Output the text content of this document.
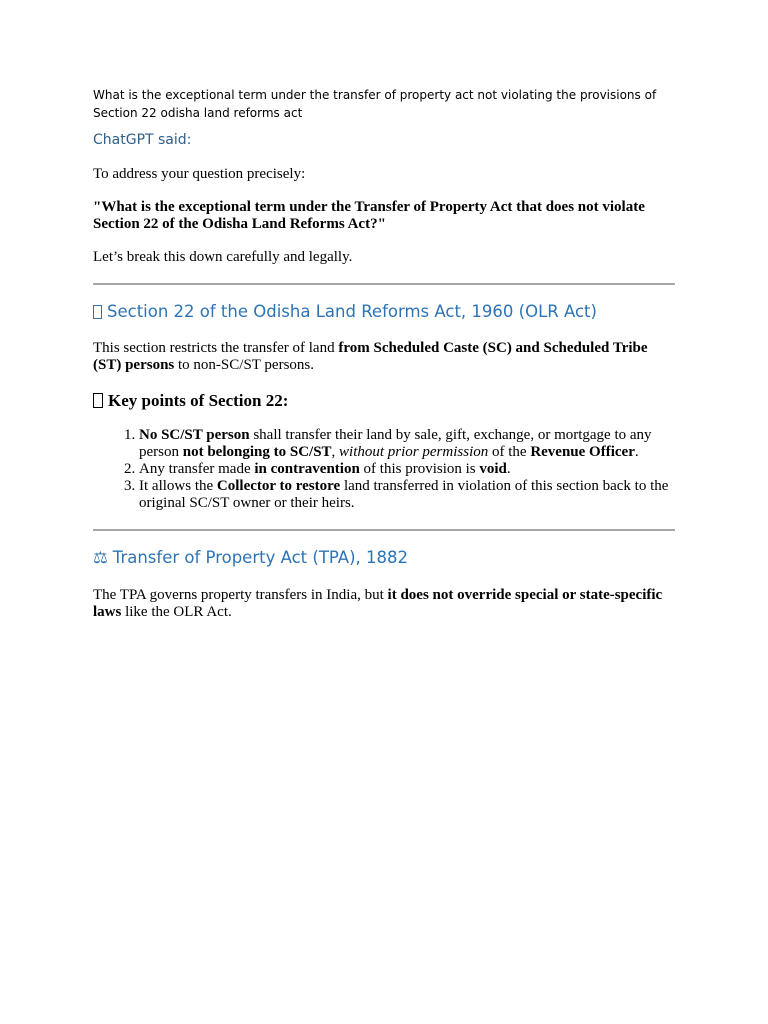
What is the exceptional term under the transfer of property act not violating the provisions of Section 22 odisha land reforms act

ChatGPT said:

To address your question precisely:

"What is the exceptional term under the Transfer of Property Act that does not violate Section 22 of the Odisha Land Reforms Act?"

Let’s break this down carefully and legally.

Section 22 of the Odisha Land Reforms Act, 1960 (OLR Act)

This section restricts the transfer of land from Scheduled Caste (SC) and Scheduled Tribe (ST) persons to non-SC/ST persons.

Key points of Section 22:
1. No SC/ST person shall transfer their land by sale, gift, exchange, or mortgage to any person not belonging to SC/ST, without prior permission of the Revenue Officer.
2. Any transfer made in contravention of this provision is void.
3. It allows the Collector to restore land transferred in violation of this section back to the original SC/ST owner or their heirs.
⚖ Transfer of Property Act (TPA), 1882

The TPA governs property transfers in India, but it does not override special or state-specific laws like the OLR Act.
